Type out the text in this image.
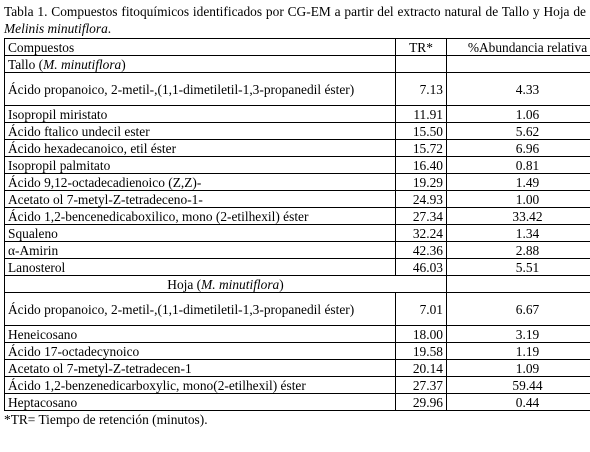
Tabla 1. Compuestos fitoquímicos identificados por CG-EM a partir del extracto natural de Tallo y Hoja de Melinis minutiflora.
Compuestos	TR*	%Abundancia relativa
Tallo (M. minutiflora)		
Ácido propanoico, 2-metil-,(1,1-dimetiletil-1,3-propanedil éster)	7.13	4.33
Isopropil miristato	11.91	1.06
Ácido ftalico undecil ester	15.50	5.62
Ácido hexadecanoico, etil éster	15.72	6.96
Isopropil palmitato	16.40	0.81
Ácido 9,12-octadecadienoico (Z,Z)-	19.29	1.49
Acetato ol 7-metyl-Z-tetradeceno-1-	24.93	1.00
Ácido 1,2-bencenedicaboxilico, mono (2-etilhexil) éster	27.34	33.42
Squaleno	32.24	1.34
α-Amirin	42.36	2.88
Lanosterol	46.03	5.51
Hoja (M. minutiflora)		
Ácido propanoico, 2-metil-,(1,1-dimetiletil-1,3-propanedil éster)	7.01	6.67
Heneicosano	18.00	3.19
Ácido 17-octadecynoico	19.58	1.19
Acetato ol 7-metyl-Z-tetradecen-1	20.14	1.09
Ácido 1,2-benzenedicarboxylic, mono(2-etilhexil) éster	27.37	59.44
Heptacosano	29.96	0.44
*TR= Tiempo de retención (minutos).
